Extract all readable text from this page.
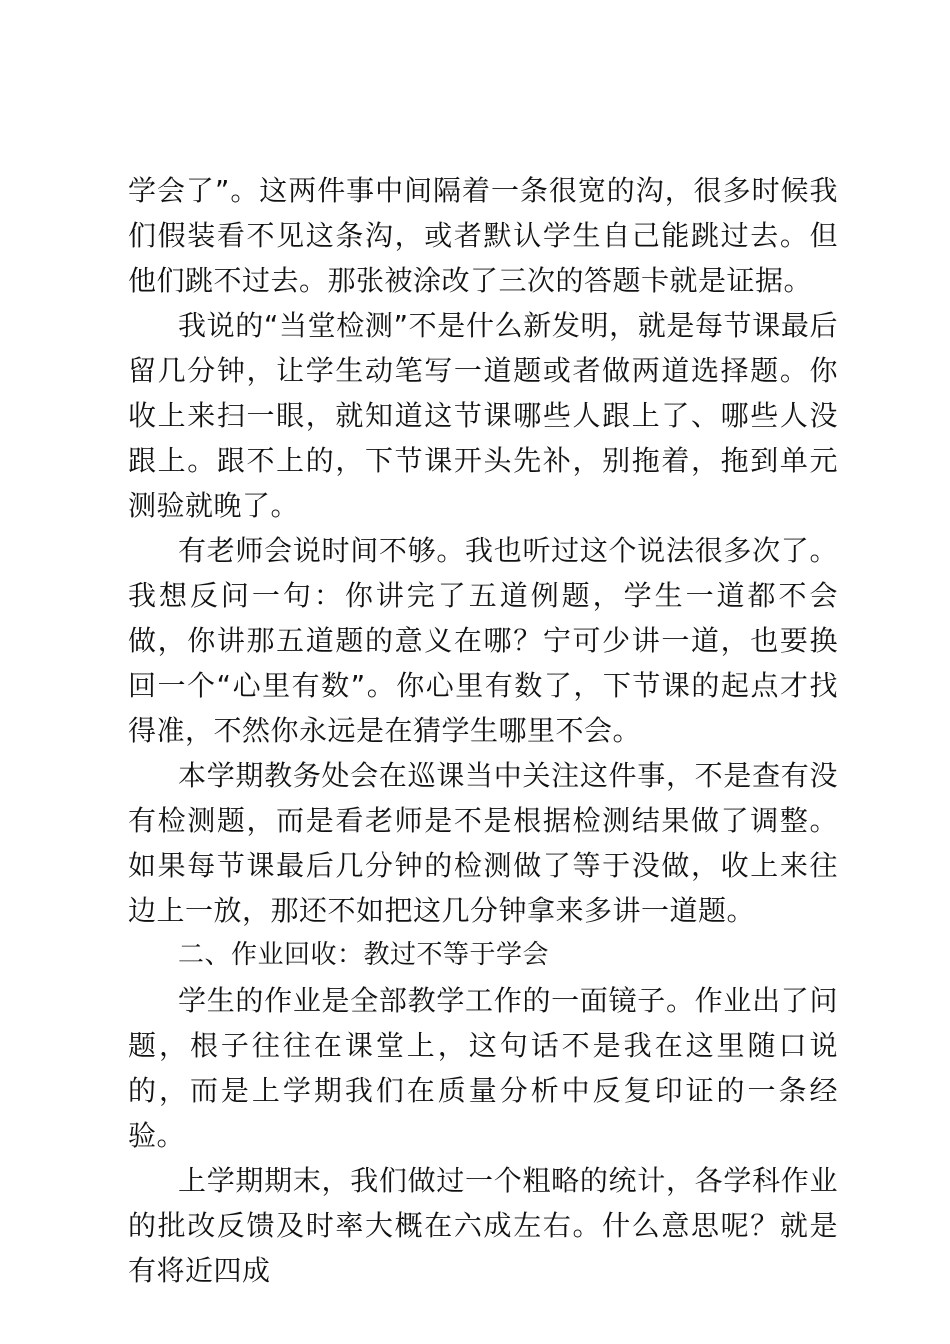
学会了”。这两件事中间隔着一条很宽的沟，很多时候我们假装看不见这条沟，或者默认学生自己能跳过去。但他们跳不过去。那张被涂改了三次的答题卡就是证据。

我说的“当堂检测”不是什么新发明，就是每节课最后留几分钟，让学生动笔写一道题或者做两道选择题。你收上来扫一眼，就知道这节课哪些人跟上了、哪些人没跟上。跟不上的，下节课开头先补，别拖着，拖到单元测验就晚了。

有老师会说时间不够。我也听过这个说法很多次了。我想反问一句：你讲完了五道例题，学生一道都不会做，你讲那五道题的意义在哪？宁可少讲一道，也要换回一个“心里有数”。你心里有数了，下节课的起点才找得准，不然你永远是在猜学生哪里不会。

本学期教务处会在巡课当中关注这件事，不是查有没有检测题，而是看老师是不是根据检测结果做了调整。如果每节课最后几分钟的检测做了等于没做，收上来往边上一放，那还不如把这几分钟拿来多讲一道题。

二、作业回收：教过不等于学会

学生的作业是全部教学工作的一面镜子。作业出了问题，根子往往在课堂上，这句话不是我在这里随口说的，而是上学期我们在质量分析中反复印证的一条经验。

上学期期末，我们做过一个粗略的统计，各学科作业的批改反馈及时率大概在六成左右。什么意思呢？就是有将近四成
